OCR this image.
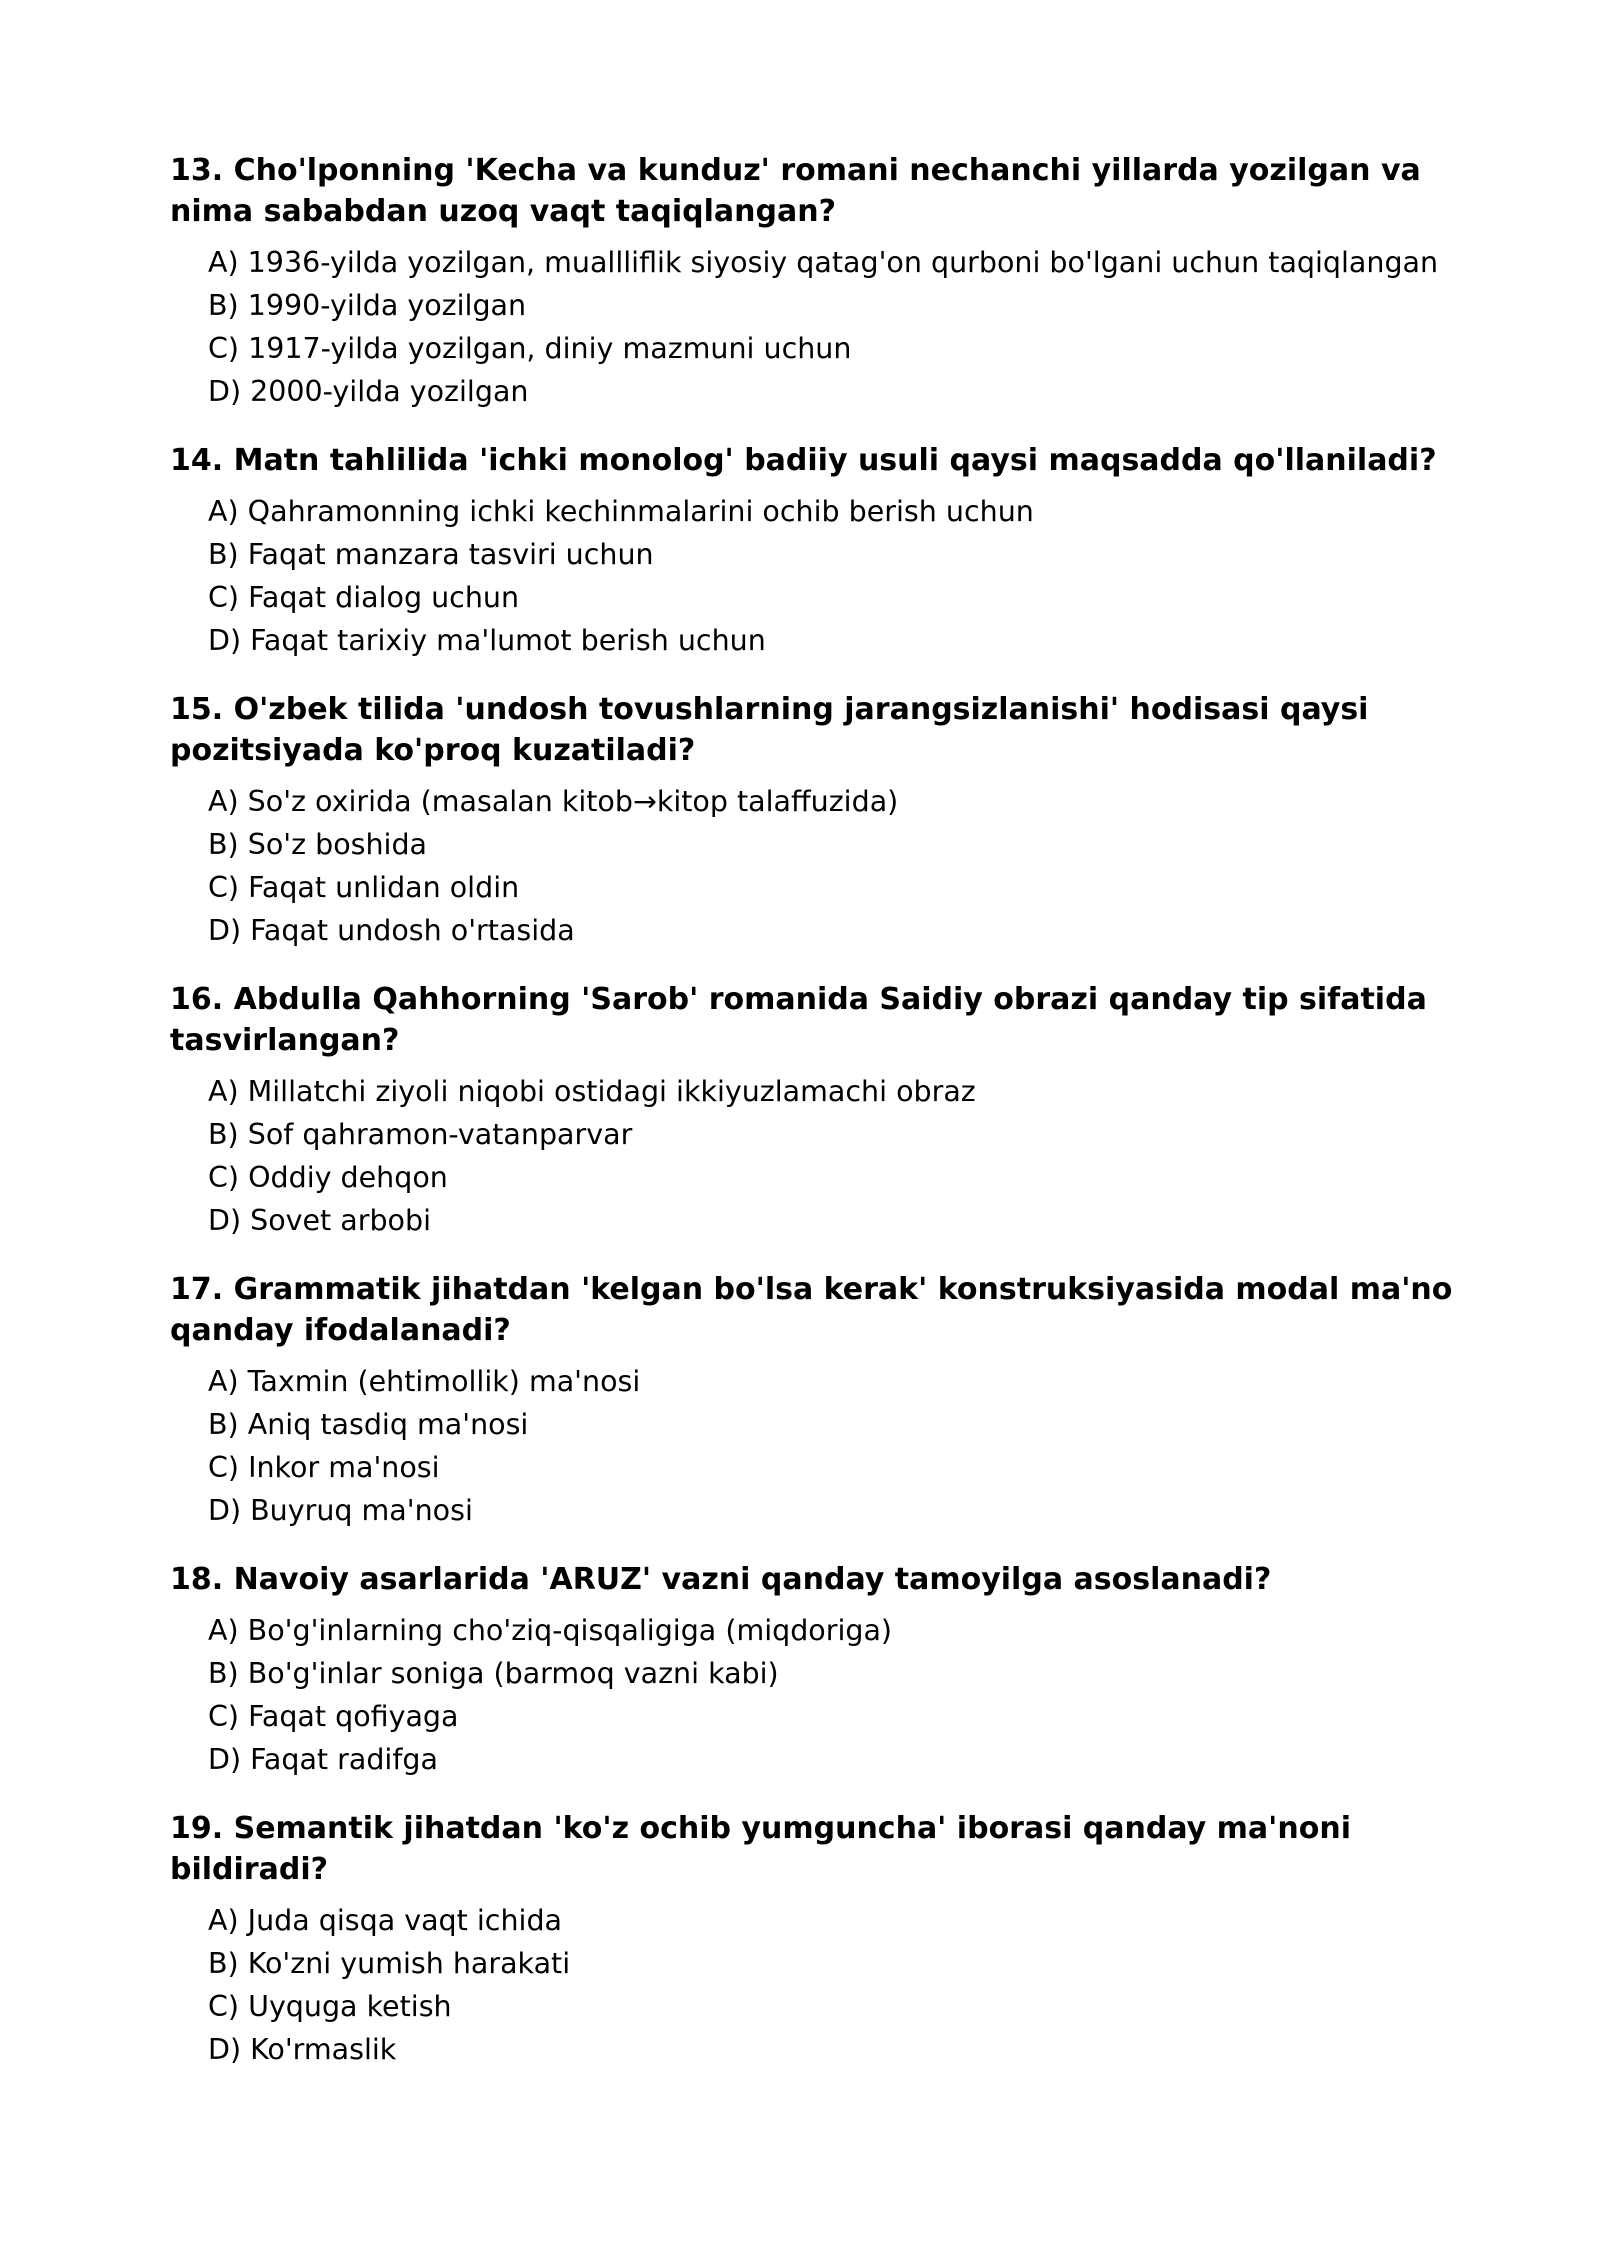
13. Cho'lponning 'Kecha va kunduz' romani nechanchi yillarda yozilgan va nima sababdan uzoq vaqt taqiqlangan?

A) 1936-yilda yozilgan, muallliflik siyosiy qatag'on qurboni bo'lgani uchun taqiqlangan
B) 1990-yilda yozilgan
C) 1917-yilda yozilgan, diniy mazmuni uchun
D) 2000-yilda yozilgan

14. Matn tahlilida 'ichki monolog' badiiy usuli qaysi maqsadda qo'llaniladi?

A) Qahramonning ichki kechinmalarini ochib berish uchun
B) Faqat manzara tasviri uchun
C) Faqat dialog uchun
D) Faqat tarixiy ma'lumot berish uchun

15. O'zbek tilida 'undosh tovushlarning jarangsizlanishi' hodisasi qaysi pozitsiyada ko'proq kuzatiladi?

A) So'z oxirida (masalan kitob→kitop talaffuzida)
B) So'z boshida
C) Faqat unlidan oldin
D) Faqat undosh o'rtasida

16. Abdulla Qahhorning 'Sarob' romanida Saidiy obrazi qanday tip sifatida tasvirlangan?

A) Millatchi ziyoli niqobi ostidagi ikkiyuzlamachi obraz
B) Sof qahramon-vatanparvar
C) Oddiy dehqon
D) Sovet arbobi

17. Grammatik jihatdan 'kelgan bo'lsa kerak' konstruksiyasida modal ma'no qanday ifodalanadi?

A) Taxmin (ehtimollik) ma'nosi
B) Aniq tasdiq ma'nosi
C) Inkor ma'nosi
D) Buyruq ma'nosi

18. Navoiy asarlarida 'ARUZ' vazni qanday tamoyilga asoslanadi?

A) Bo'g'inlarning cho'ziq-qisqaligiga (miqdoriga)
B) Bo'g'inlar soniga (barmoq vazni kabi)
C) Faqat qofiyaga
D) Faqat radifga

19. Semantik jihatdan 'ko'z ochib yumguncha' iborasi qanday ma'noni bildiradi?

A) Juda qisqa vaqt ichida
B) Ko'zni yumish harakati
C) Uyquga ketish
D) Ko'rmaslik
